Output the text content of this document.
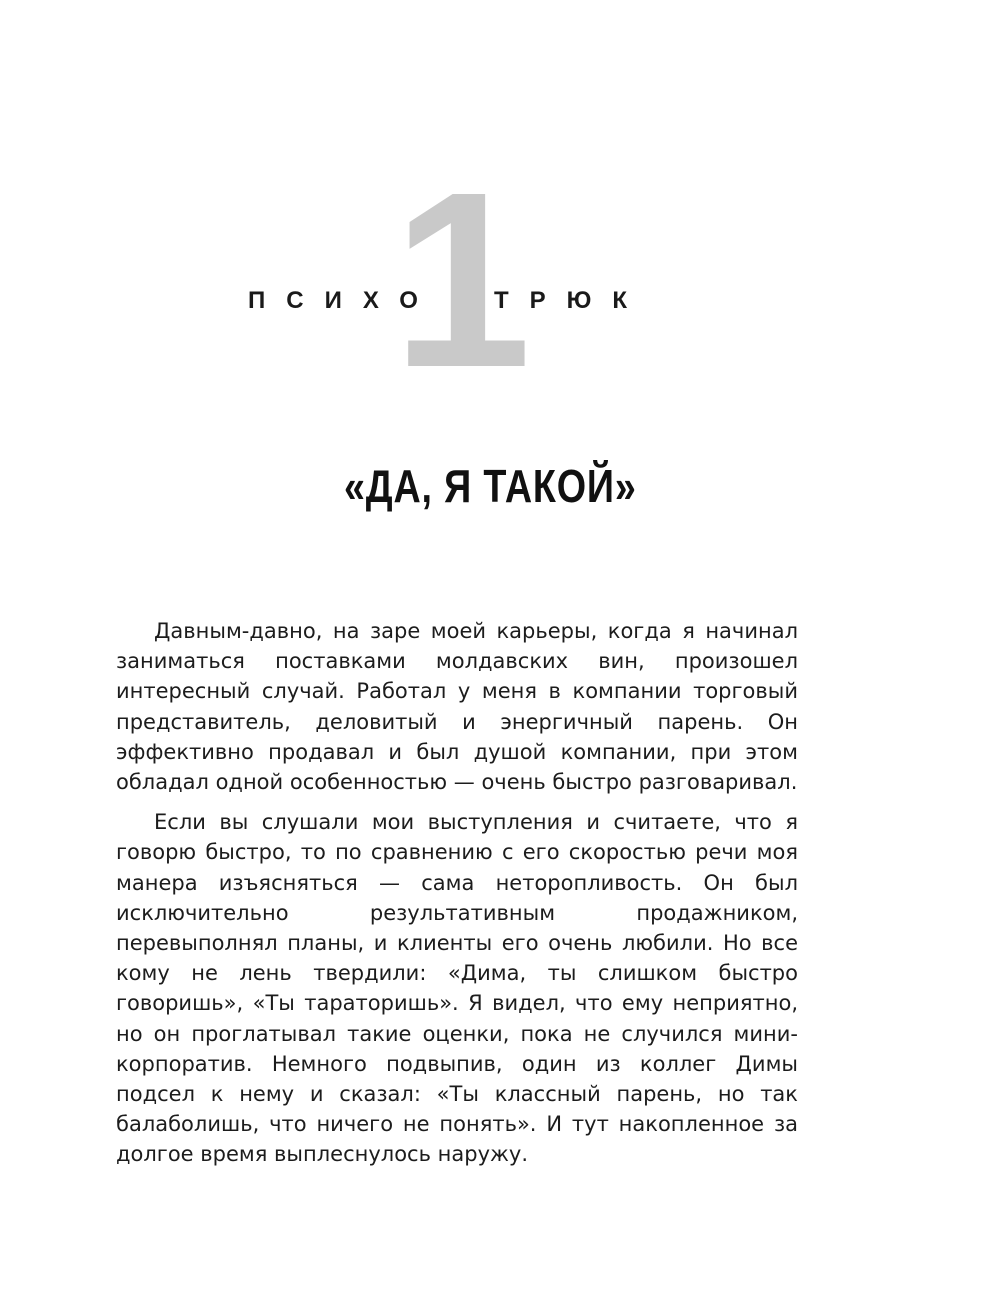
1
ПСИХО ТРЮК
«ДА, Я ТАКОЙ»

Давным-давно, на заре моей карьеры, когда я начинал заниматься поставками молдавских вин, произошел интересный случай. Работал у меня в компании торговый представитель, деловитый и энергичный парень. Он эффективно продавал и был душой компании, при этом обладал одной особенностью — очень быстро разговаривал.

Если вы слушали мои выступления и считаете, что я говорю быстро, то по сравнению с его скоростью речи моя манера изъясняться — сама неторопливость. Он был исключительно результативным продажником, перевыполнял планы, и клиенты его очень любили. Но все кому не лень твердили: «Дима, ты слишком быстро говоришь», «Ты тараторишь». Я видел, что ему неприятно, но он проглатывал такие оценки, пока не случился мини-корпоратив. Немного подвыпив, один из коллег Димы подсел к нему и сказал: «Ты классный парень, но так балаболишь, что ничего не понять». И тут накопленное за долгое время выплеснулось наружу.
